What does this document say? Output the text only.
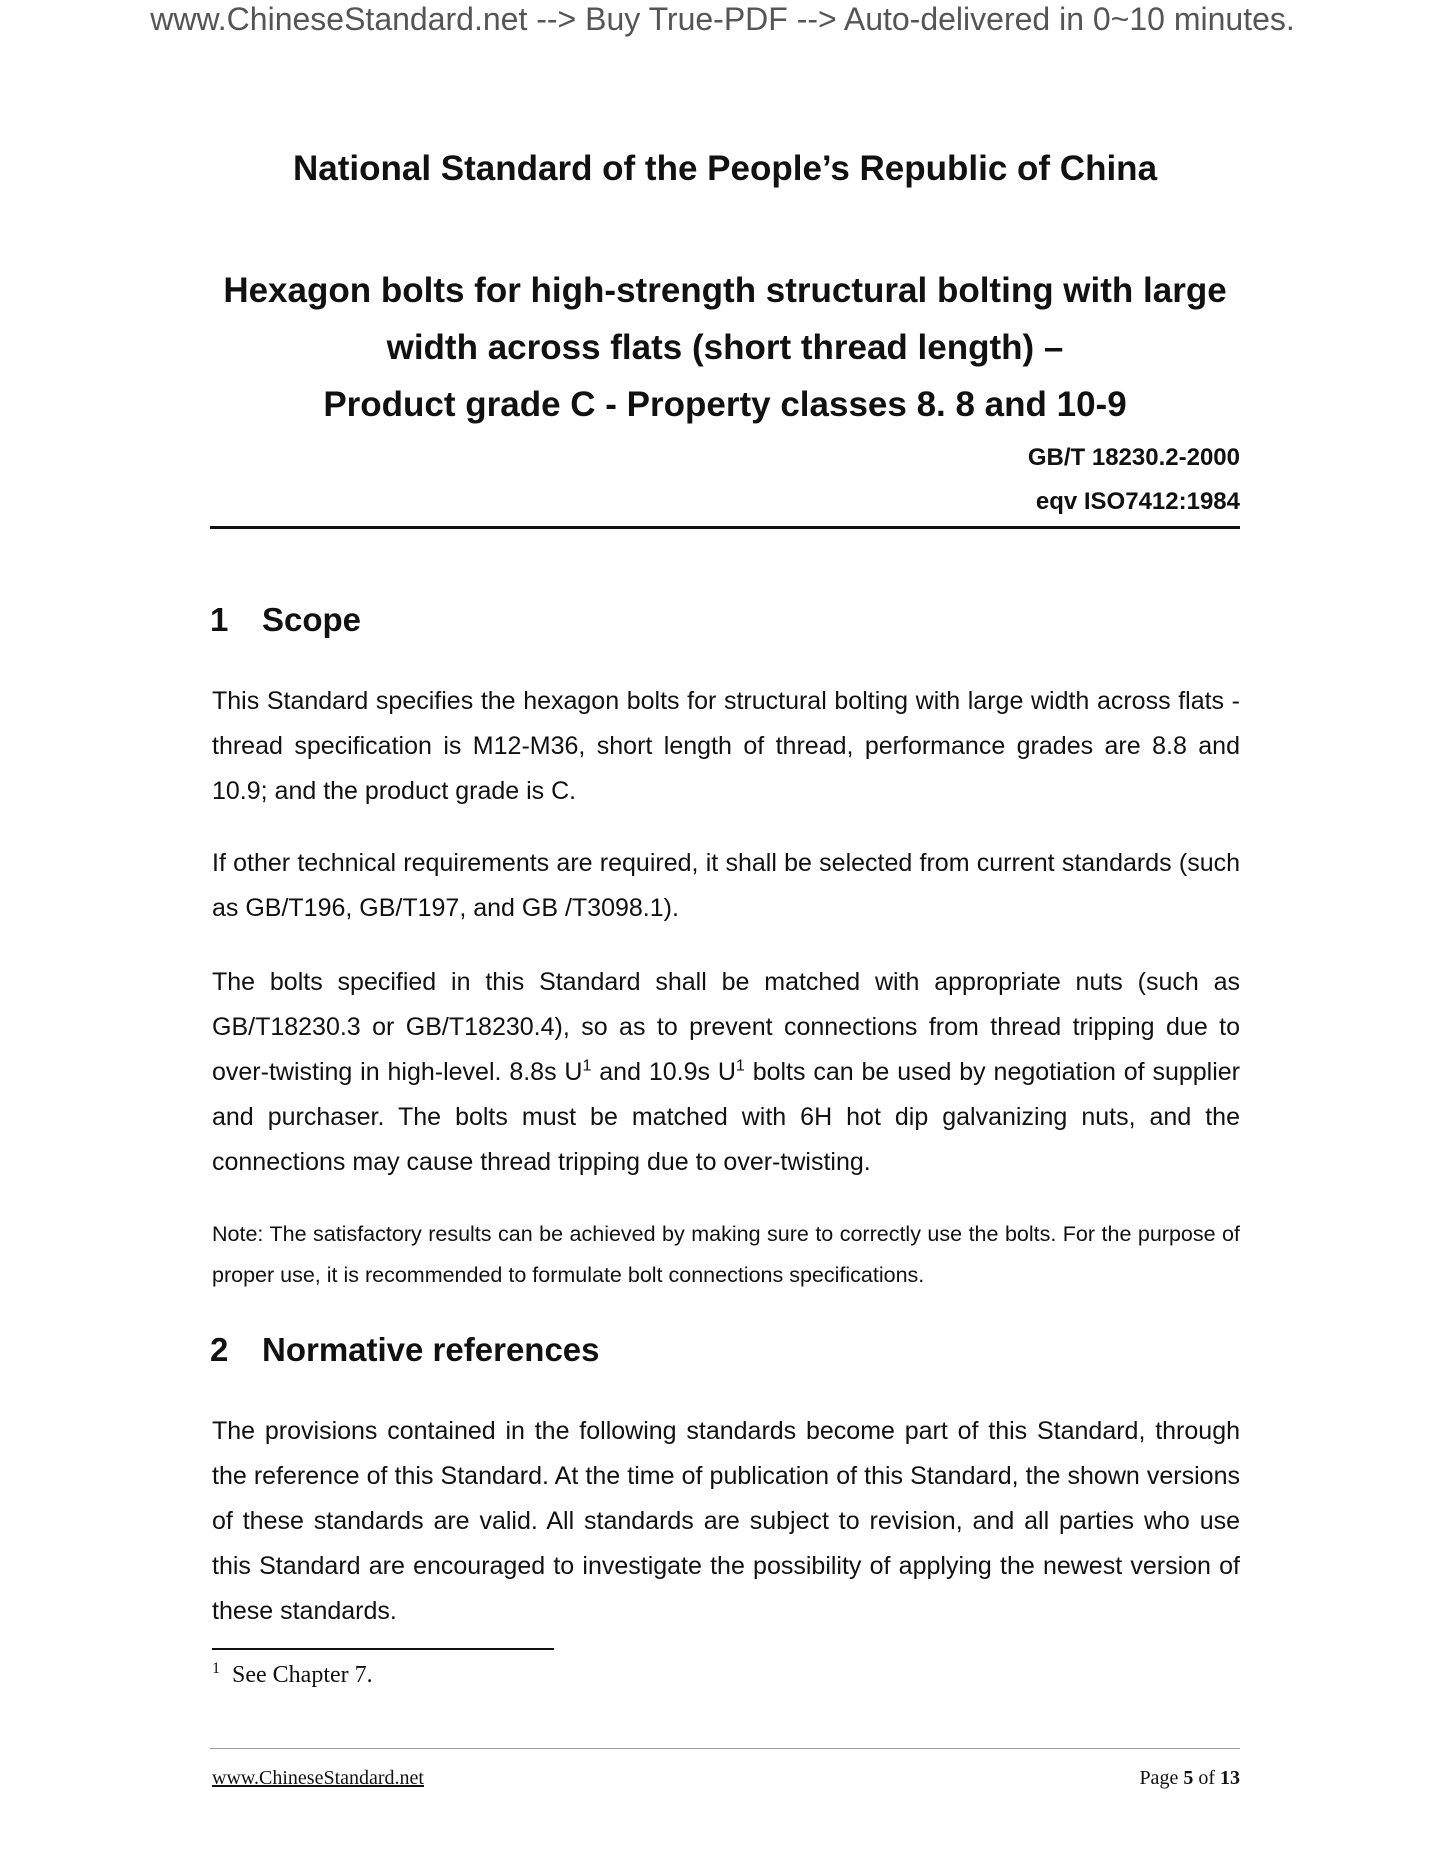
www.ChineseStandard.net --> Buy True-PDF --> Auto-delivered in 0~10 minutes.
National Standard of the People’s Republic of China
Hexagon bolts for high-strength structural bolting with large
width across flats (short thread length) –
Product grade C - Property classes 8. 8 and 10-9
GB/T 18230.2-2000
eqv ISO7412:1984
1 Scope
This Standard specifies the hexagon bolts for structural bolting with large width across flats - thread specification is M12-M36, short length of thread, performance grades are 8.8 and 10.9; and the product grade is C.
If other technical requirements are required, it shall be selected from current standards (such as GB/T196, GB/T197, and GB /T3098.1).
The bolts specified in this Standard shall be matched with appropriate nuts (such as GB/T18230.3 or GB/T18230.4), so as to prevent connections from thread tripping due to over-twisting in high-level. 8.8s $U^1$ and 10.9s $U^1$ bolts can be used by negotiation of supplier and purchaser. The bolts must be matched with 6H hot dip galvanizing nuts, and the connections may cause thread tripping due to over-twisting.
Note: The satisfactory results can be achieved by making sure to correctly use the bolts. For the purpose of proper use, it is recommended to formulate bolt connections specifications.
2 Normative references
The provisions contained in the following standards become part of this Standard, through the reference of this Standard. At the time of publication of this Standard, the shown versions of these standards are valid. All standards are subject to revision, and all parties who use this Standard are encouraged to investigate the possibility of applying the newest version of these standards.
$^1$ See Chapter 7.
www.ChineseStandard.net	Page 5 of 13
